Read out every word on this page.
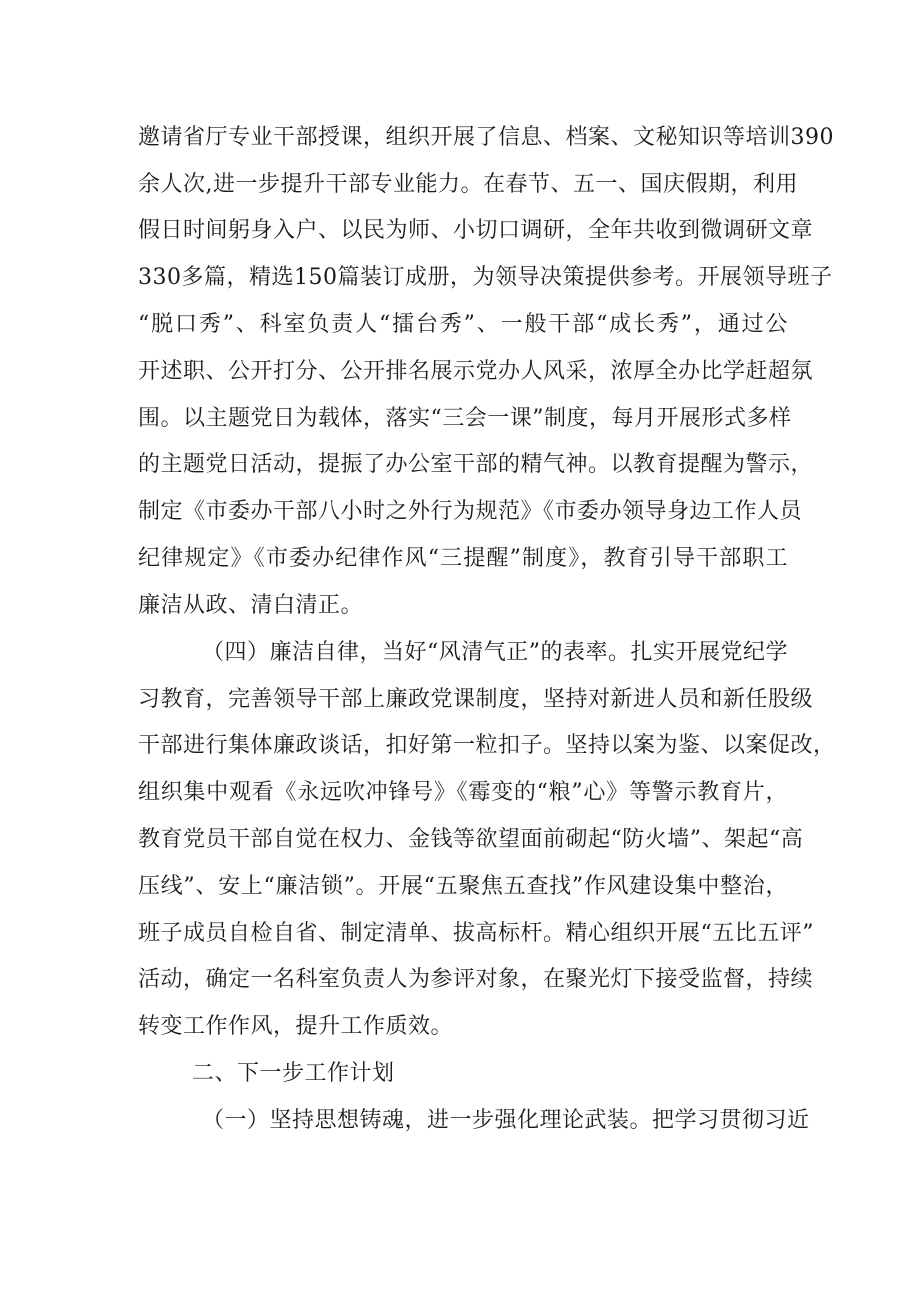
邀请省厅专业干部授课，组织开展了信息、档案、文秘知识等培训390
余人次,进一步提升干部专业能力。在春节、五一、国庆假期，利用
假日时间躬身入户、以民为师、小切口调研，全年共收到微调研文章
330多篇，精选150篇装订成册，为领导决策提供参考。开展领导班子
“脱口秀”、科室负责人“擂台秀”、一般干部“成长秀”，通过公
开述职、公开打分、公开排名展示党办人风采，浓厚全办比学赶超氛
围。以主题党日为载体，落实“三会一课”制度，每月开展形式多样
的主题党日活动，提振了办公室干部的精气神。以教育提醒为警示，
制定《市委办干部八小时之外行为规范》《市委办领导身边工作人员
纪律规定》《市委办纪律作风“三提醒”制度》，教育引导干部职工
廉洁从政、清白清正。
（四）廉洁自律，当好“风清气正”的表率。扎实开展党纪学
习教育，完善领导干部上廉政党课制度，坚持对新进人员和新任股级
干部进行集体廉政谈话，扣好第一粒扣子。坚持以案为鉴、以案促改，
组织集中观看《永远吹冲锋号》《霉变的“粮”心》等警示教育片，
教育党员干部自觉在权力、金钱等欲望面前砌起“防火墙”、架起“高
压线”、安上“廉洁锁”。开展“五聚焦五查找”作风建设集中整治，
班子成员自检自省、制定清单、拔高标杆。精心组织开展“五比五评”
活动，确定一名科室负责人为参评对象，在聚光灯下接受监督，持续
转变工作作风，提升工作质效。
二、下一步工作计划
（一）坚持思想铸魂，进一步强化理论武装。把学习贯彻习近
